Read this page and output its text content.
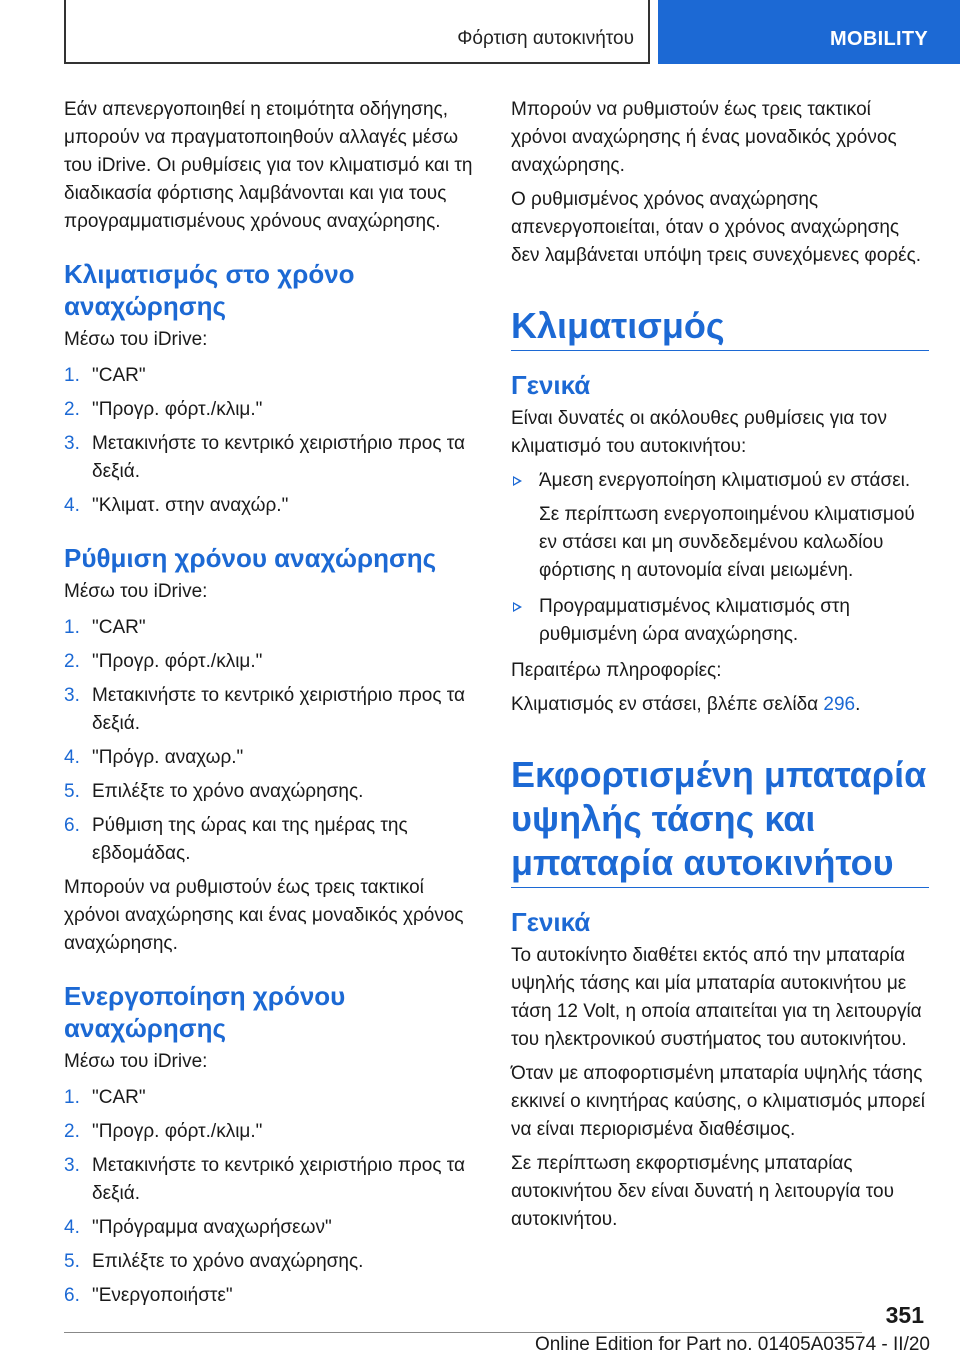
Φόρτιση αυτοκινήτου	MOBILITY

Εάν απενεργοποιηθεί η ετοιμότητα οδήγησης, μπορούν να πραγματοποιηθούν αλλαγές μέσω του iDrive. Οι ρυθμίσεις για τον κλιματισμό και τη διαδικασία φόρτισης λαμβάνονται και για τους προγραμματισμένους χρόνους αναχώρησης.

Κλιματισμός στο χρόνο αναχώρησης

Μέσω του iDrive:

1. "CAR"
2. "Προγρ. φόρτ./κλιμ."
3. Μετακινήστε το κεντρικό χειριστήριο προς τα δεξιά.
4. "Κλιματ. στην αναχώρ."
Ρύθμιση χρόνου αναχώρησης

Μέσω του iDrive:

1. "CAR"
2. "Προγρ. φόρτ./κλιμ."
3. Μετακινήστε το κεντρικό χειριστήριο προς τα δεξιά.
4. "Πρόγρ. αναχωρ."
5. Επιλέξτε το χρόνο αναχώρησης.
6. Ρύθμιση της ώρας και της ημέρας της εβδομάδας.

Μπορούν να ρυθμιστούν έως τρεις τακτικοί χρόνοι αναχώρησης και ένας μοναδικός χρόνος αναχώρησης.

Ενεργοποίηση χρόνου αναχώρησης

Μέσω του iDrive:

1. "CAR"
2. "Προγρ. φόρτ./κλιμ."
3. Μετακινήστε το κεντρικό χειριστήριο προς τα δεξιά.
4. "Πρόγραμμα αναχωρήσεων"
5. Επιλέξτε το χρόνο αναχώρησης.
6. "Ενεργοποιήστε"

Μπορούν να ρυθμιστούν έως τρεις τακτικοί χρόνοι αναχώρησης ή ένας μοναδικός χρόνος αναχώρησης.

Ο ρυθμισμένος χρόνος αναχώρησης απενεργοποιείται, όταν ο χρόνος αναχώρησης δεν λαμβάνεται υπόψη τρεις συνεχόμενες φορές.

Κλιματισμός
Γενικά

Είναι δυνατές οι ακόλουθες ρυθμίσεις για τον κλιματισμό του αυτοκινήτου:

Άμεση ενεργοποίηση κλιματισμού εν στάσει.

Σε περίπτωση ενεργοποιημένου κλιματισμού εν στάσει και μη συνδεδεμένου καλωδίου φόρτισης η αυτονομία είναι μειωμένη.

Προγραμματισμένος κλιματισμός στη ρυθμισμένη ώρα αναχώρησης.

Περαιτέρω πληροφορίες:

Κλιματισμός εν στάσει, βλέπε σελίδα 296.

Εκφορτισμένη μπαταρία υψηλής τάσης και μπαταρία αυτοκινήτου
Γενικά

Το αυτοκίνητο διαθέτει εκτός από την μπαταρία υψηλής τάσης και μία μπαταρία αυτοκινήτου με τάση 12 Volt, η οποία απαιτείται για τη λειτουργία του ηλεκτρονικού συστήματος του αυτοκινήτου.

Όταν με αποφορτισμένη μπαταρία υψηλής τάσης εκκινεί ο κινητήρας καύσης, ο κλιματισμός μπορεί να είναι περιορισμένα διαθέσιμος.

Σε περίπτωση εκφορτισμένης μπαταρίας αυτοκινήτου δεν είναι δυνατή η λειτουργία του αυτοκινήτου.

351
Online Edition for Part no. 01405A03574 - II/20
